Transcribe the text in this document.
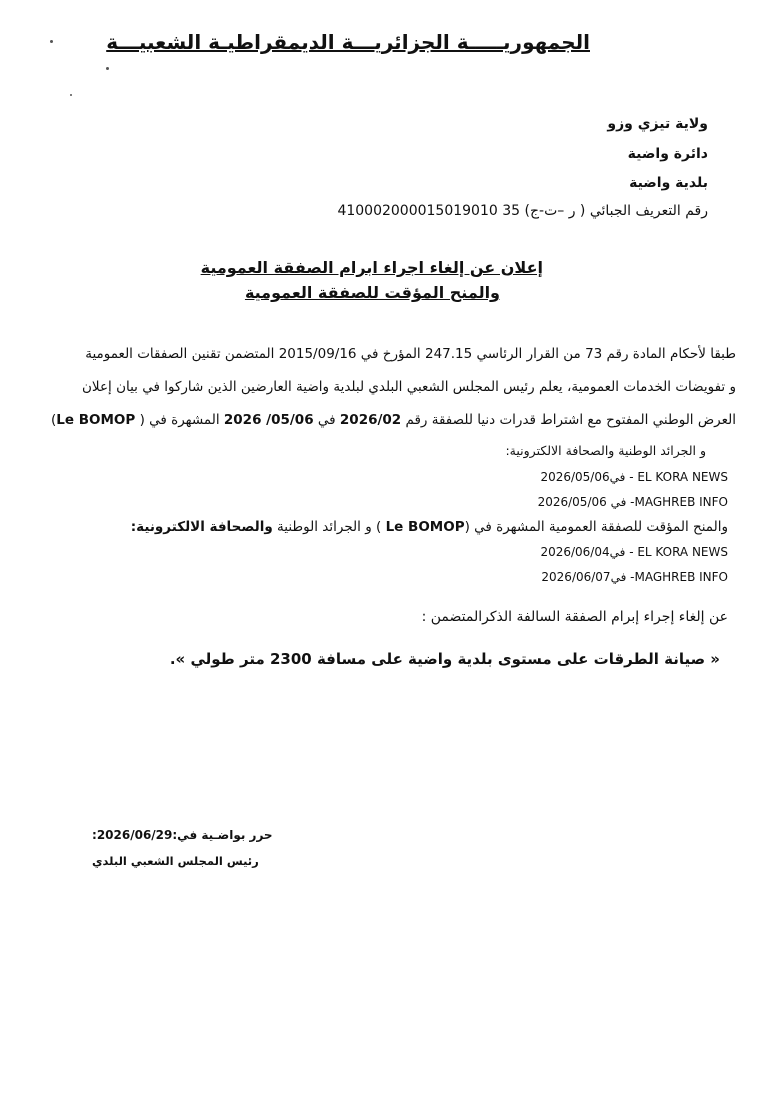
الجمهوريـــــة الجزائريـــة الديمقراطيـة الشعبيـــة
ولاية تيزي وزو
دائرة واضية
بلدية واضية
رقم التعريف الجبائي ( ر –ت-ج) 410002000015019010 35
إعلان عن إلغاء اجراء ابرام الصفقة العمومية
والمنح المؤقت للصفقة العمومية
طبقا لأحكام المادة رقم 73 من القرار الرئاسي 247.15 المؤرخ في 2015/09/16 المتضمن تقنين الصفقات العمومية
و تفويضات الخدمات العمومية، يعلم رئيس المجلس الشعبي البلدي لبلدية واضية العارضين الذين شاركوا في بيان إعلان
العرض الوطني المفتوح مع اشتراط قدرات دنيا للصفقة رقم 2026/02 في 2026 /05/06 المشهرة في ( Le BOMOP)
و الجرائد الوطنية والصحافة الالكترونية:
- EL KORA NEWS في2026/05/06
-MAGHREB INFO في 2026/05/06
والمنح المؤقت للصفقة العمومية المشهرة في (Le BOMOP ) و الجرائد الوطنية والصحافة الالكترونية:
- EL KORA NEWS في2026/06/04
-MAGHREB INFO في2026/06/07
عن إلغاء إجراء إبرام الصفقة السالفة الذكرالمتضمن :
« صيانة الطرقات على مستوى بلدية واضية على مسافة 2300 متر طولي ».
حرر بواضـية في:2026/06/29:
رئيس المجلس الشعبي البلدي
